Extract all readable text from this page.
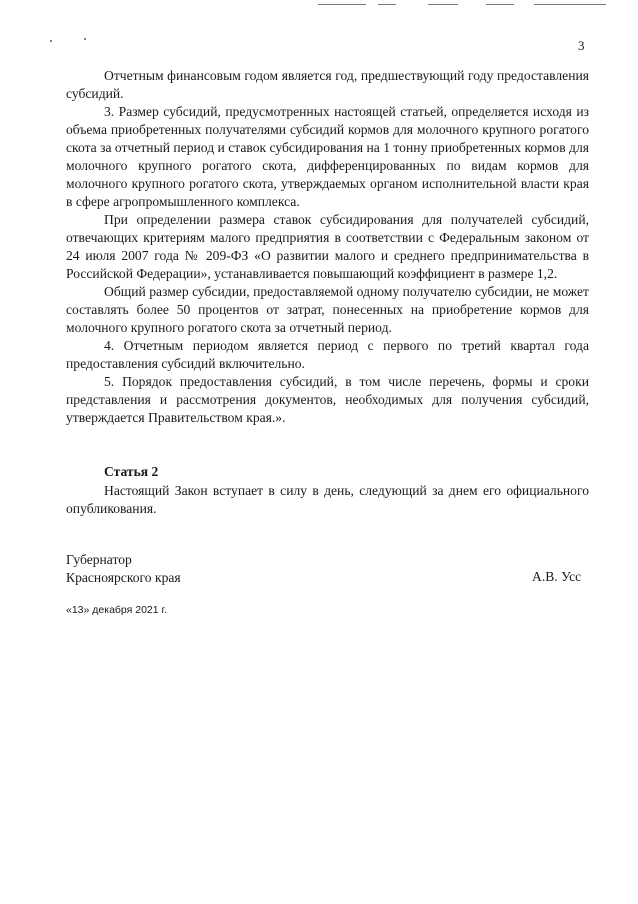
3

Отчетным финансовым годом является год, предшествующий году предоставления субсидий.

3. Размер субсидий, предусмотренных настоящей статьей, определяется исходя из объема приобретенных получателями субсидий кормов для молочного крупного рогатого скота за отчетный период и ставок субсидирования на 1 тонну приобретенных кормов для молочного крупного рогатого скота, дифференцированных по видам кормов для молочного крупного рогатого скота, утверждаемых органом исполнительной власти края в сфере агропромышленного комплекса.

При определении размера ставок субсидирования для получателей субсидий, отвечающих критериям малого предприятия в соответствии с Федеральным законом от 24 июля 2007 года № 209-ФЗ «О развитии малого и среднего предпринимательства в Российской Федерации», устанавливается повышающий коэффициент в размере 1,2.

Общий размер субсидии, предоставляемой одному получателю субсидии, не может составлять более 50 процентов от затрат, понесенных на приобретение кормов для молочного крупного рогатого скота за отчетный период.

4. Отчетным периодом является период с первого по третий квартал года предоставления субсидий включительно.

5. Порядок предоставления субсидий, в том числе перечень, формы и сроки представления и рассмотрения документов, необходимых для получения субсидий, утверждается Правительством края.».

Статья 2

Настоящий Закон вступает в силу в день, следующий за днем его официального опубликования.

Губернатор
Красноярского края	А.В. Усс
«13» декабря 2021 г.
